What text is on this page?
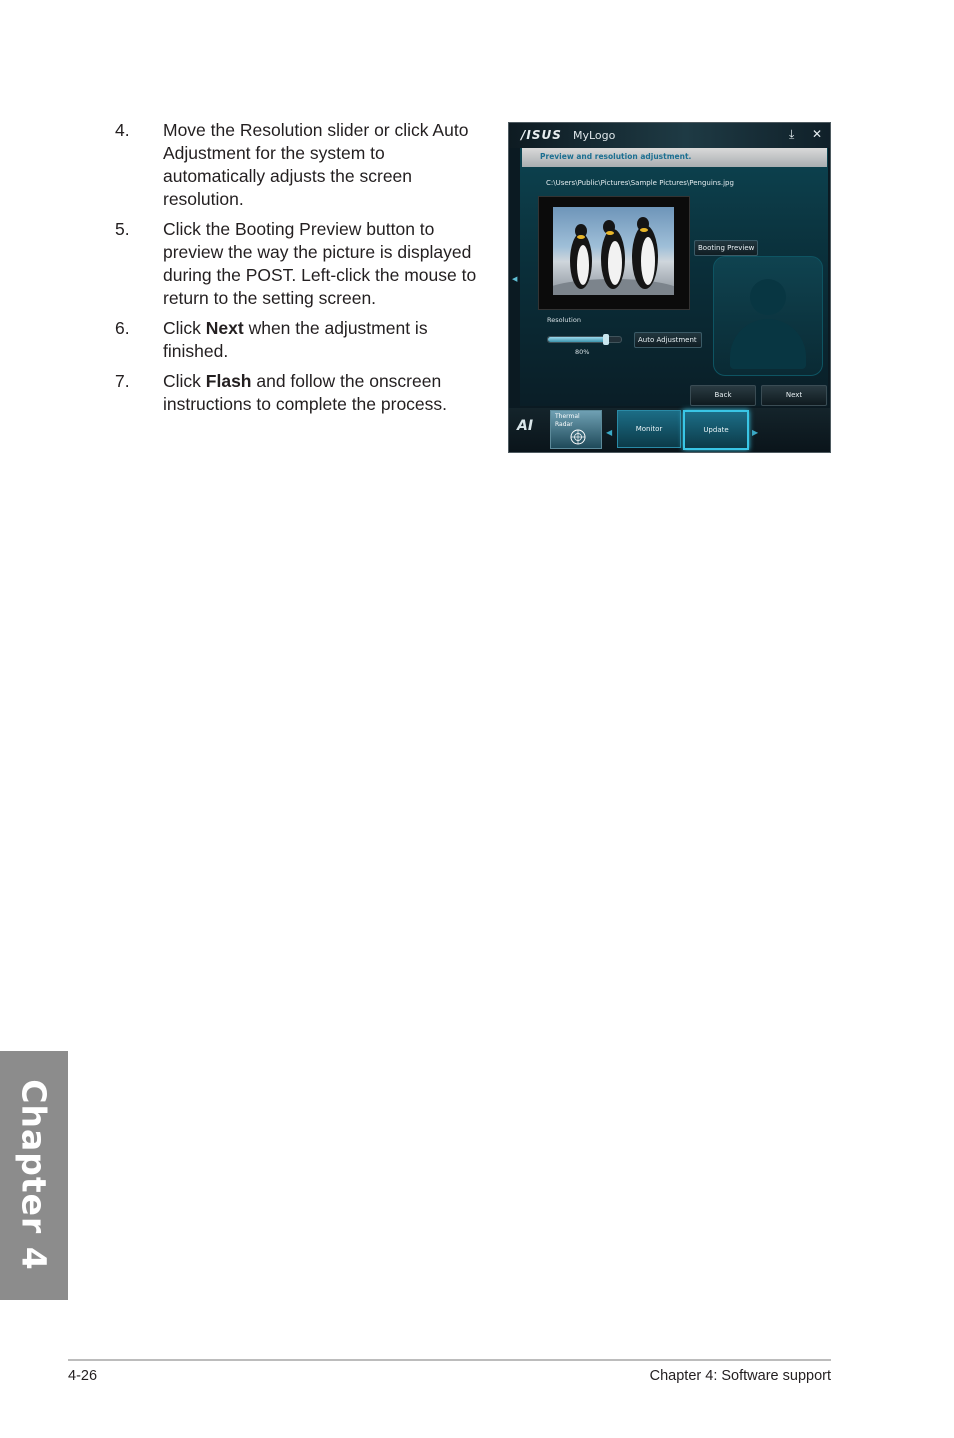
4.	Move the Resolution slider or click Auto Adjustment for the system to automatically adjusts the screen resolution.
5.	Click the Booting Preview button to preview the way the picture is displayed during the POST. Left-click the mouse to return to the setting screen.
6.	Click Next when the adjustment is finished.
7.	Click Flash and follow the onscreen instructions to complete the process.
/ISUS MyLogo	⤓ ✕
◀
Preview and resolution adjustment.
C:\Users\Public\Pictures\Sample Pictures\Penguins.jpg
Booting Preview
Resolution
80%
Auto Adjustment
Back	Next
AI
Thermal
Radar
◀	Monitor	Update	▶
Chapter 4
4-26	Chapter 4: Software support
